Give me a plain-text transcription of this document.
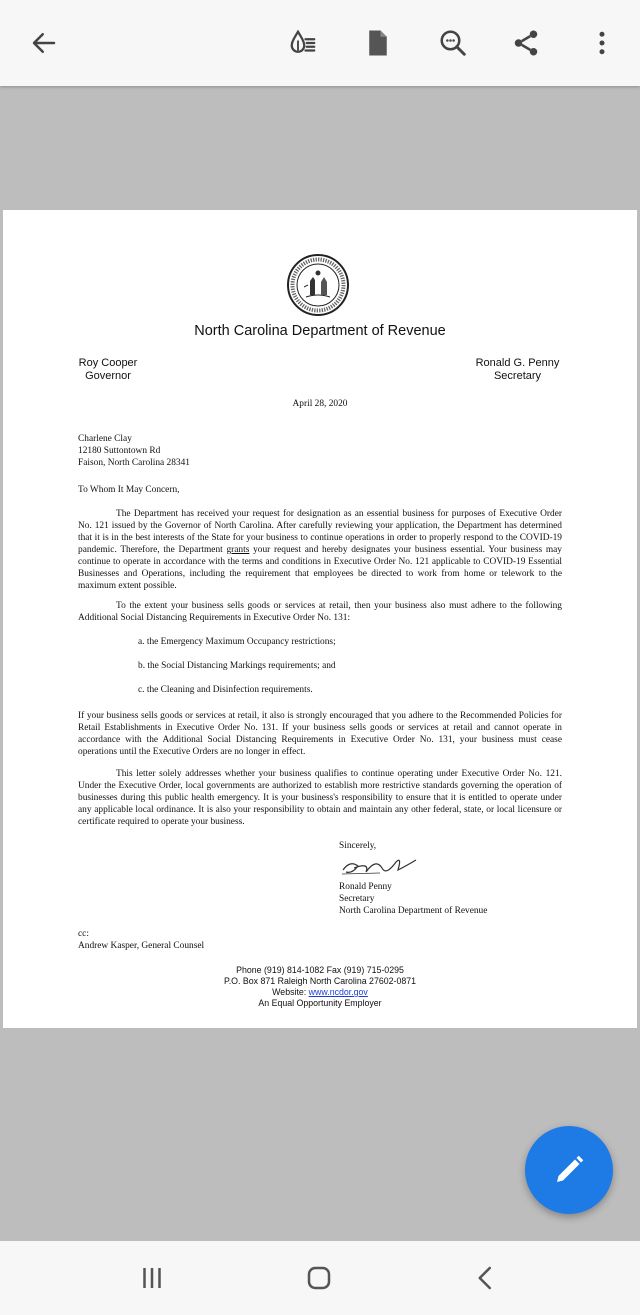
North Carolina Department of Revenue
Roy Cooper
Governor
Ronald G. Penny
Secretary
April 28, 2020
Charlene Clay
12180 Suttontown Rd
Faison, North Carolina 28341
To Whom It May Concern,
The Department has received your request for designation as an essential business for purposes of Executive Order No. 121 issued by the Governor of North Carolina. After carefully reviewing your application, the Department has determined that it is in the best interests of the State for your business to continue operations in order to properly respond to the COVID-19 pandemic. Therefore, the Department grants your request and hereby designates your business essential. Your business may continue to operate in accordance with the terms and conditions in Executive Order No. 121 applicable to COVID-19 Essential Businesses and Operations, including the requirement that employees be directed to work from home or telework to the maximum extent possible.
To the extent your business sells goods or services at retail, then your business also must adhere to the following Additional Social Distancing Requirements in Executive Order No. 131:
a. the Emergency Maximum Occupancy restrictions;
b. the Social Distancing Markings requirements; and
c. the Cleaning and Disinfection requirements.
If your business sells goods or services at retail, it also is strongly encouraged that you adhere to the Recommended Policies for Retail Establishments in Executive Order No. 131. If your business sells goods or services at retail and cannot operate in accordance with the Additional Social Distancing Requirements in Executive Order No. 131, your business must cease operations until the Executive Orders are no longer in effect.
This letter solely addresses whether your business qualifies to continue operating under Executive Order No. 121. Under the Executive Order, local governments are authorized to establish more restrictive standards governing the operation of businesses during this public health emergency. It is your business's responsibility to ensure that it is entitled to operate under any applicable local ordinance. It is also your responsibility to obtain and maintain any other federal, state, or local licensure or certificate required to operate your business.
Sincerely,
Ronald Penny
Secretary
North Carolina Department of Revenue
cc:
Andrew Kasper, General Counsel
Phone (919) 814-1082 Fax (919) 715-0295
P.O. Box 871 Raleigh North Carolina 27602-0871
Website: www.ncdor.gov
An Equal Opportunity Employer
